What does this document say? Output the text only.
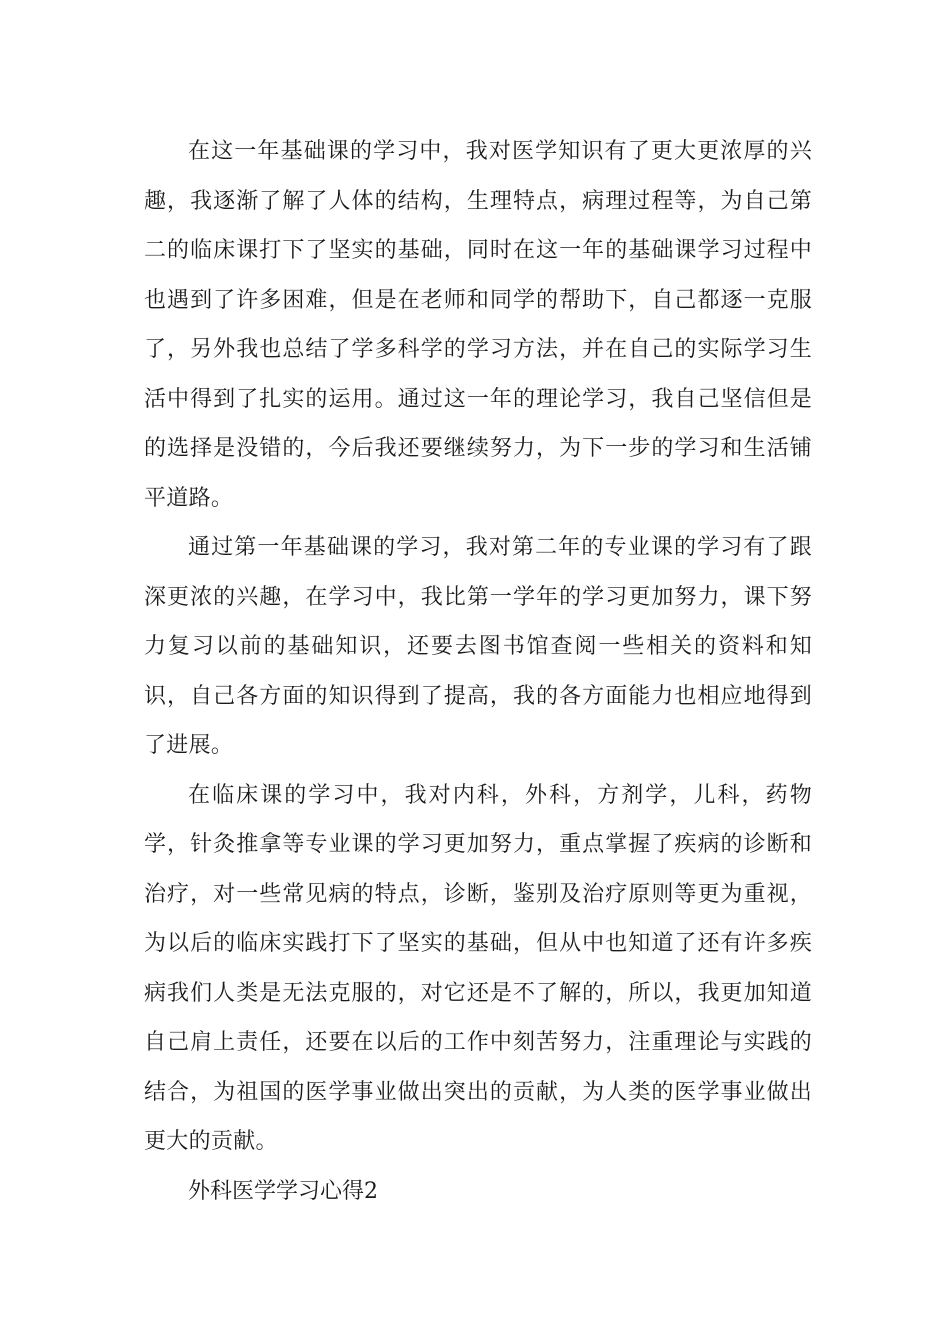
在这一年基础课的学习中，我对医学知识有了更大更浓厚的兴趣，我逐渐了解了人体的结构，生理特点，病理过程等，为自己第二的临床课打下了坚实的基础，同时在这一年的基础课学习过程中也遇到了许多困难，但是在老师和同学的帮助下，自己都逐一克服了，另外我也总结了学多科学的学习方法，并在自己的实际学习生活中得到了扎实的运用。通过这一年的理论学习，我自己坚信但是的选择是没错的，今后我还要继续努力，为下一步的学习和生活铺平道路。

通过第一年基础课的学习，我对第二年的专业课的学习有了跟深更浓的兴趣，在学习中，我比第一学年的学习更加努力，课下努力复习以前的基础知识，还要去图书馆查阅一些相关的资料和知识，自己各方面的知识得到了提高，我的各方面能力也相应地得到了进展。

在临床课的学习中，我对内科，外科，方剂学，儿科，药物学，针灸推拿等专业课的学习更加努力，重点掌握了疾病的诊断和治疗，对一些常见病的特点，诊断，鉴别及治疗原则等更为重视，为以后的临床实践打下了坚实的基础，但从中也知道了还有许多疾病我们人类是无法克服的，对它还是不了解的，所以，我更加知道自己肩上责任，还要在以后的工作中刻苦努力，注重理论与实践的结合，为祖国的医学事业做出突出的贡献，为人类的医学事业做出更大的贡献。

外科医学学习心得2
